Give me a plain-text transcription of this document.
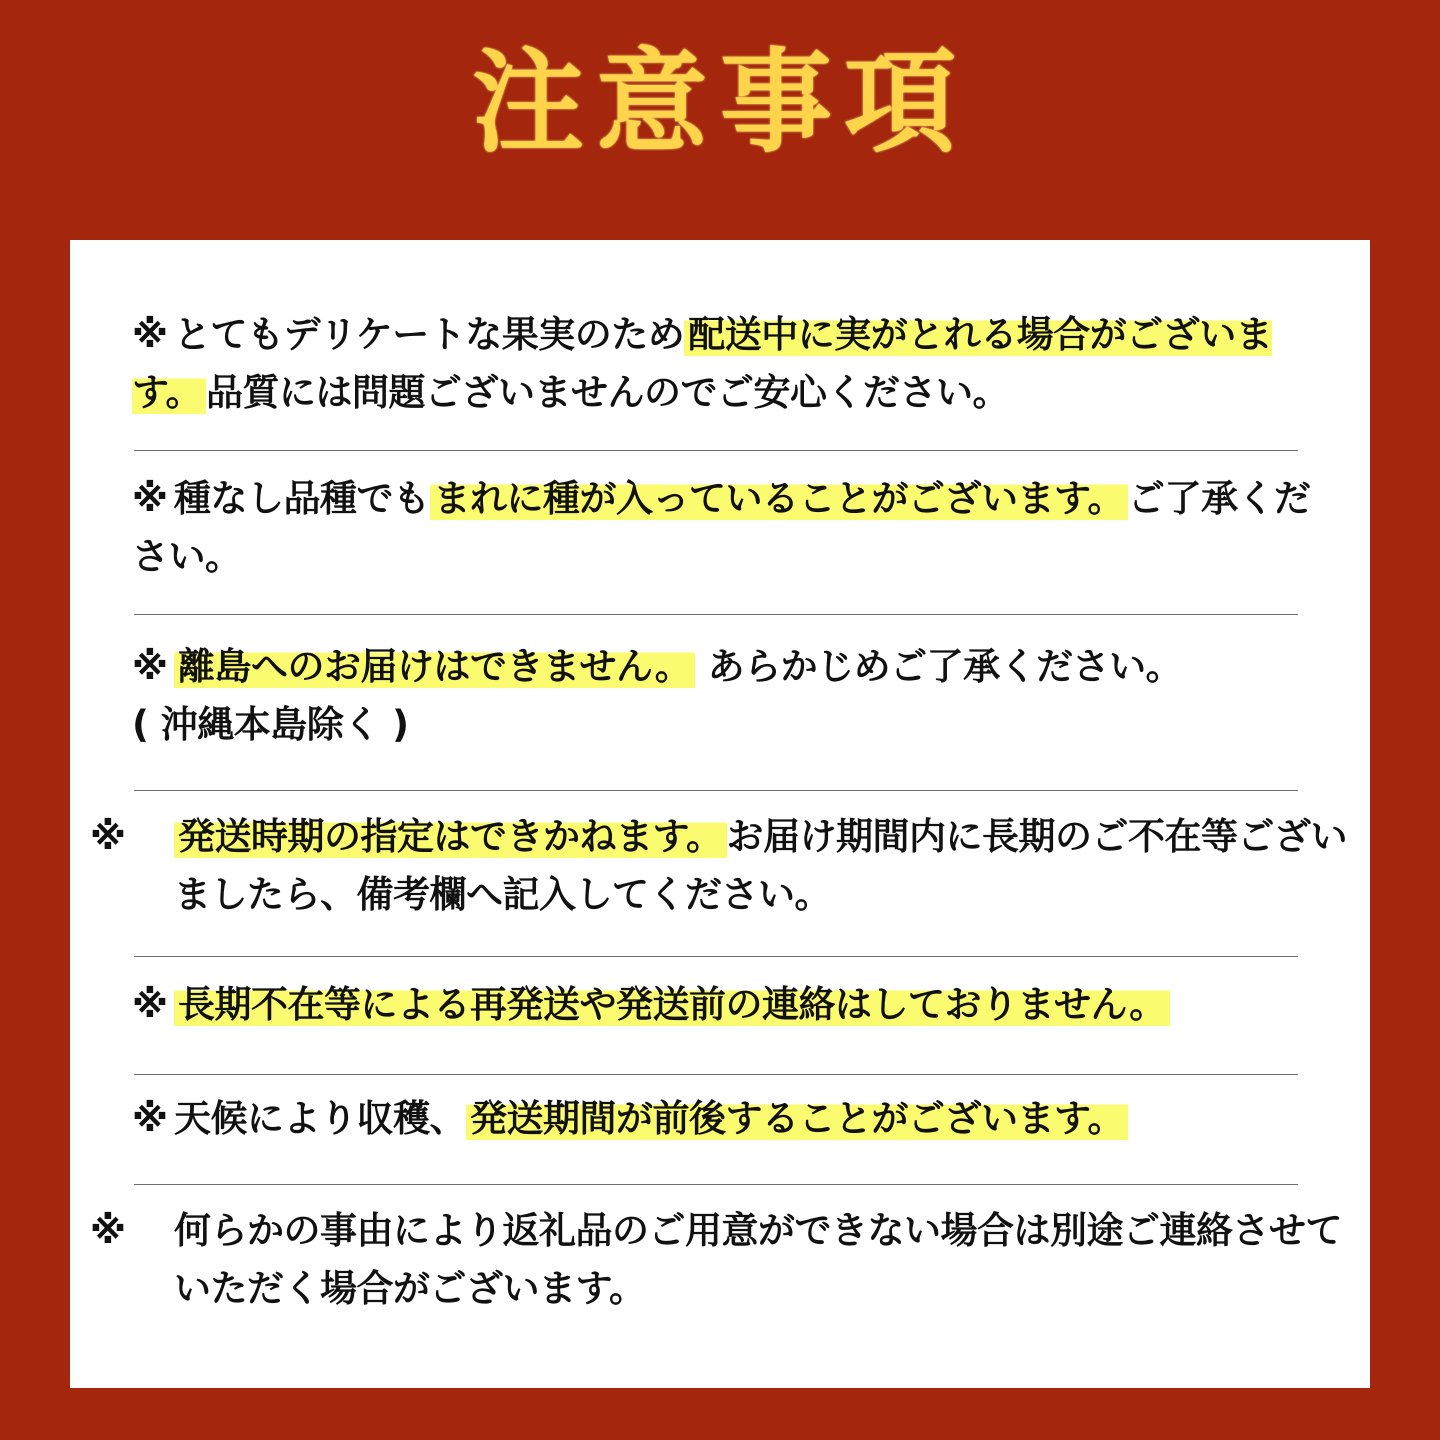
注意事項
※ とてもデリケートな果実のため 配送中に実がとれる場合がございます。 品質には問題ございませんのでご安心ください。
※ 種なし品種でも まれに種が入っていることがございます。 ご了承ください。
※ 離島へのお届けはできません。 あらかじめご了承ください。
( 沖縄本島除く )
※ 発送時期の指定はできかねます。 お届け期間内に長期のご不在等ございましたら、備考欄へ記入してください。
※ 長期不在等による再発送や発送前の連絡はしておりません。
※ 天候により収穫、 発送期間が前後することがございます。
※ 何らかの事由により返礼品のご用意ができない場合は別途ご連絡させていただく場合がございます。
